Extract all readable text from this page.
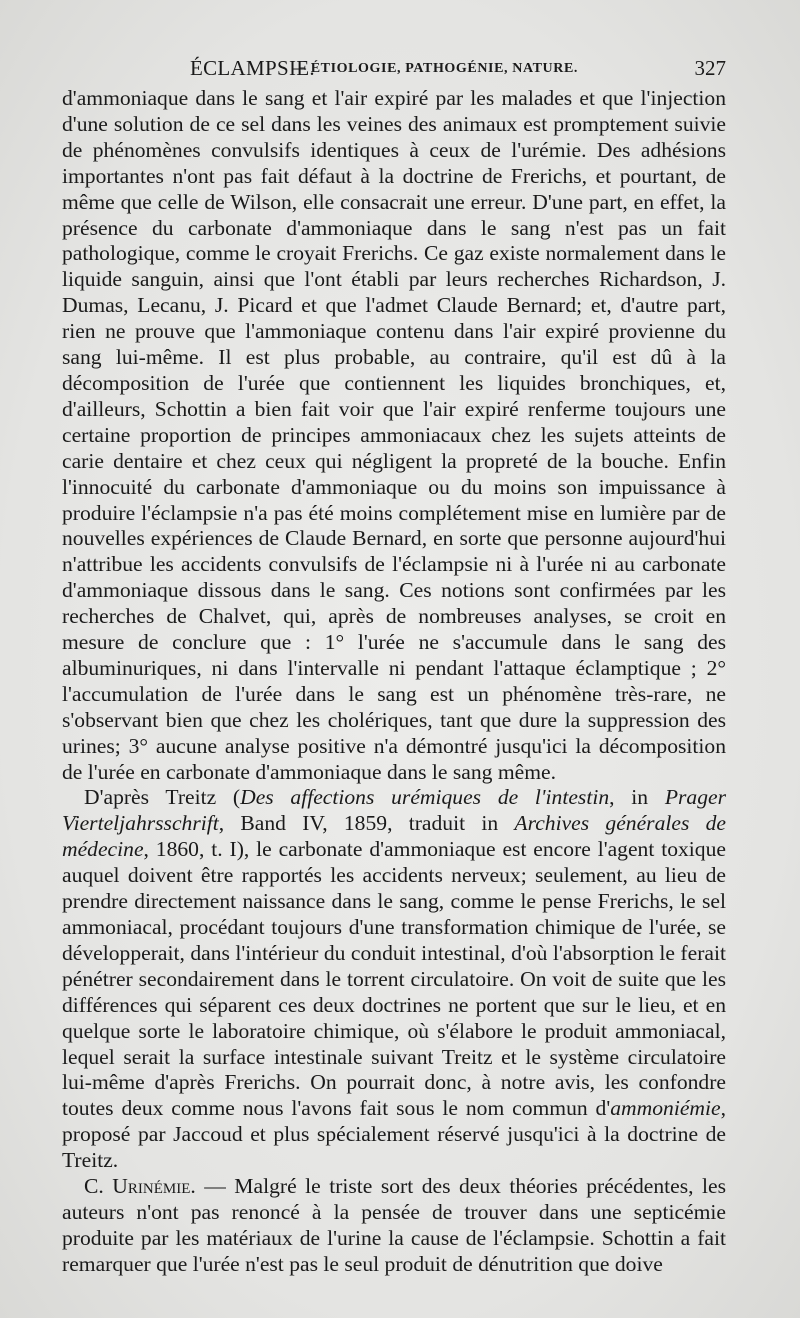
ÉCLAMPSIE.
— ÉTIOLOGIE, PATHOGÉNIE, NATURE.	327

d'ammoniaque dans le sang et l'air expiré par les malades et que l'injection d'une solution de ce sel dans les veines des animaux est promptement suivie de phénomènes convulsifs identiques à ceux de l'urémie. Des adhésions importantes n'ont pas fait défaut à la doctrine de Frerichs, et pourtant, de même que celle de Wilson, elle consacrait une erreur. D'une part, en effet, la présence du carbonate d'ammoniaque dans le sang n'est pas un fait pathologique, comme le croyait Frerichs. Ce gaz existe normalement dans le liquide sanguin, ainsi que l'ont établi par leurs recherches Richardson, J. Dumas, Lecanu, J. Picard et que l'admet Claude Bernard; et, d'autre part, rien ne prouve que l'ammoniaque contenu dans l'air expiré provienne du sang lui-même. Il est plus probable, au contraire, qu'il est dû à la décomposition de l'urée que contiennent les liquides bronchiques, et, d'ailleurs, Schottin a bien fait voir que l'air expiré renferme toujours une certaine proportion de principes ammoniacaux chez les sujets atteints de carie dentaire et chez ceux qui négligent la propreté de la bouche. Enfin l'innocuité du carbonate d'ammoniaque ou du moins son impuissance à produire l'éclampsie n'a pas été moins complétement mise en lumière par de nouvelles expériences de Claude Bernard, en sorte que personne aujourd'hui n'attribue les accidents convulsifs de l'éclampsie ni à l'urée ni au carbonate d'ammoniaque dissous dans le sang. Ces notions sont confirmées par les recherches de Chalvet, qui, après de nombreuses analyses, se croit en mesure de conclure que : 1° l'urée ne s'accumule dans le sang des albuminuriques, ni dans l'intervalle ni pendant l'attaque éclamptique ; 2° l'accumulation de l'urée dans le sang est un phénomène très-rare, ne s'observant bien que chez les cholériques, tant que dure la suppression des urines; 3° aucune analyse positive n'a démontré jusqu'ici la décomposition de l'urée en carbonate d'ammoniaque dans le sang même.

D'après Treitz (Des affections urémiques de l'intestin, in Prager Vierteljahrsschrift, Band IV, 1859, traduit in Archives générales de médecine, 1860, t. I), le carbonate d'ammoniaque est encore l'agent toxique auquel doivent être rapportés les accidents nerveux; seulement, au lieu de prendre directement naissance dans le sang, comme le pense Frerichs, le sel ammoniacal, procédant toujours d'une transformation chimique de l'urée, se développerait, dans l'intérieur du conduit intestinal, d'où l'absorption le ferait pénétrer secondairement dans le torrent circulatoire. On voit de suite que les différences qui séparent ces deux doctrines ne portent que sur le lieu, et en quelque sorte le laboratoire chimique, où s'élabore le produit ammoniacal, lequel serait la surface intestinale suivant Treitz et le système circulatoire lui-même d'après Frerichs. On pourrait donc, à notre avis, les confondre toutes deux comme nous l'avons fait sous le nom commun d'ammoniémie, proposé par Jaccoud et plus spécialement réservé jusqu'ici à la doctrine de Treitz.

C. Urinémie. — Malgré le triste sort des deux théories précédentes, les auteurs n'ont pas renoncé à la pensée de trouver dans une septicémie produite par les matériaux de l'urine la cause de l'éclampsie. Schottin a fait remarquer que l'urée n'est pas le seul produit de dénutrition que doive
